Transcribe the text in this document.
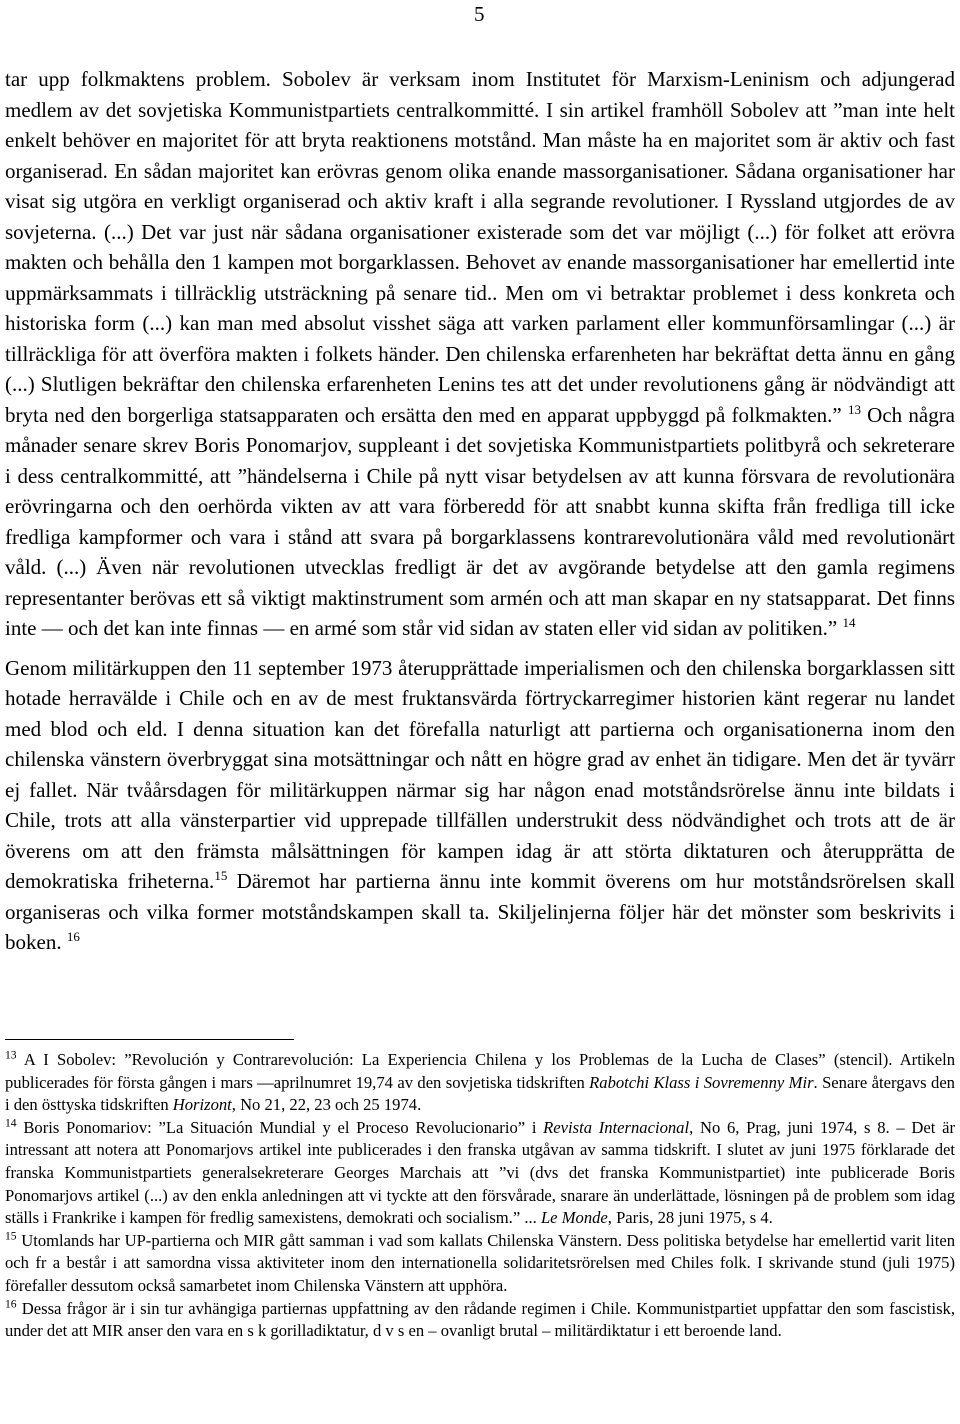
5

tar upp folkmaktens problem. Sobolev är verksam inom Institutet för Marxism-Leninism och adjungerad medlem av det sovjetiska Kommunistpartiets centralkommitté. I sin artikel framhöll Sobolev att ”man inte helt enkelt behöver en majoritet för att bryta reaktionens motstånd. Man måste ha en majoritet som är aktiv och fast organiserad. En sådan majoritet kan erövras genom olika enande massorganisationer. Sådana organisationer har visat sig utgöra en verkligt organiserad och aktiv kraft i alla segrande revolutioner. I Ryssland utgjordes de av sovjeterna. (...) Det var just när sådana organisationer existerade som det var möjligt (...) för folket att erövra makten och behålla den 1 kampen mot borgarklassen. Behovet av enande massorganisationer har emellertid inte uppmärksammats i tillräcklig utsträckning på senare tid.. Men om vi betraktar problemet i dess konkreta och historiska form (...) kan man med absolut visshet säga att varken parlament eller kommunförsamlingar (...) är tillräckliga för att överföra makten i folkets händer. Den chilenska erfarenheten har bekräftat detta ännu en gång (...) Slutligen bekräftar den chilenska erfarenheten Lenins tes att det under revolutionens gång är nödvändigt att bryta ned den borgerliga statsapparaten och ersätta den med en apparat uppbyggd på folkmakten.” $^{13}$ Och några månader senare skrev Boris Ponomarjov, suppleant i det sovjetiska Kommunistpartiets politbyrå och sekreterare i dess centralkommitté, att ”händelserna i Chile på nytt visar betydelsen av att kunna försvara de revolutionära erövringarna och den oerhörda vikten av att vara förberedd för att snabbt kunna skifta från fredliga till icke fredliga kampformer och vara i stånd att svara på borgarklassens kontrarevolutionära våld med revolutionärt våld. (...) Även när revolutionen utvecklas fredligt är det av avgörande betydelse att den gamla regimens representanter berövas ett så viktigt maktinstrument som armén och att man skapar en ny statsapparat. Det finns inte — och det kan inte finnas — en armé som står vid sidan av staten eller vid sidan av politiken.” $^{14}$

Genom militärkuppen den 11 september 1973 återupprättade imperialismen och den chilenska borgarklassen sitt hotade herravälde i Chile och en av de mest fruktansvärda förtryckarregimer historien känt regerar nu landet med blod och eld. I denna situation kan det förefalla naturligt att partierna och organisationerna inom den chilenska vänstern överbryggat sina motsättningar och nått en högre grad av enhet än tidigare. Men det är tyvärr ej fallet. När tvåårsdagen för militärkuppen närmar sig har någon enad motståndsrörelse ännu inte bildats i Chile, trots att alla vänsterpartier vid upprepade tillfällen understrukit dess nödvändighet och trots att de är överens om att den främsta målsättningen för kampen idag är att störta diktaturen och återupprätta de demokratiska friheterna.$^{15}$ Däremot har partierna ännu inte kommit överens om hur motståndsrörelsen skall organiseras och vilka former motståndskampen skall ta. Skiljelinjerna följer här det mönster som beskrivits i boken. $^{16}$

$^{13}$ A I Sobolev: ”Revolución y Contrarevolución: La Experiencia Chilena y los Problemas de la Lucha de Clases” (stencil). Artikeln publicerades för första gången i mars —aprilnumret 19,74 av den sovjetiska tidskriften Rabotchi Klass i Sovremenny Mir. Senare återgavs den i den östtyska tidskriften Horizont, No 21, 22, 23 och 25 1974.

$^{14}$ Boris Ponomariov: ”La Situación Mundial y el Proceso Revolucionario” i Revista Internacional, No 6, Prag, juni 1974, s 8. – Det är intressant att notera att Ponomarjovs artikel inte publicerades i den franska utgåvan av samma tidskrift. I slutet av juni 1975 förklarade det franska Kommunistpartiets generalsekreterare Georges Marchais att ”vi (dvs det franska Kommunistpartiet) inte publicerade Boris Ponomarjovs artikel (...) av den enkla anledningen att vi tyckte att den försvårade, snarare än underlättade, lösningen på de problem som idag ställs i Frankrike i kampen för fredlig samexistens, demokrati och socialism.” ... Le Monde, Paris, 28 juni 1975, s 4.

$^{15}$ Utomlands har UP-partierna och MIR gått samman i vad som kallats Chilenska Vänstern. Dess politiska betydelse har emellertid varit liten och fr a består i att samordna vissa aktiviteter inom den internationella solidaritetsrörelsen med Chiles folk. I skrivande stund (juli 1975) förefaller dessutom också samarbetet inom Chilenska Vänstern att upphöra.

$^{16}$ Dessa frågor är i sin tur avhängiga partiernas uppfattning av den rådande regimen i Chile. Kommunistpartiet uppfattar den som fascistisk, under det att MIR anser den vara en s k gorilladiktatur, d v s en – ovanligt brutal – militärdiktatur i ett beroende land.
